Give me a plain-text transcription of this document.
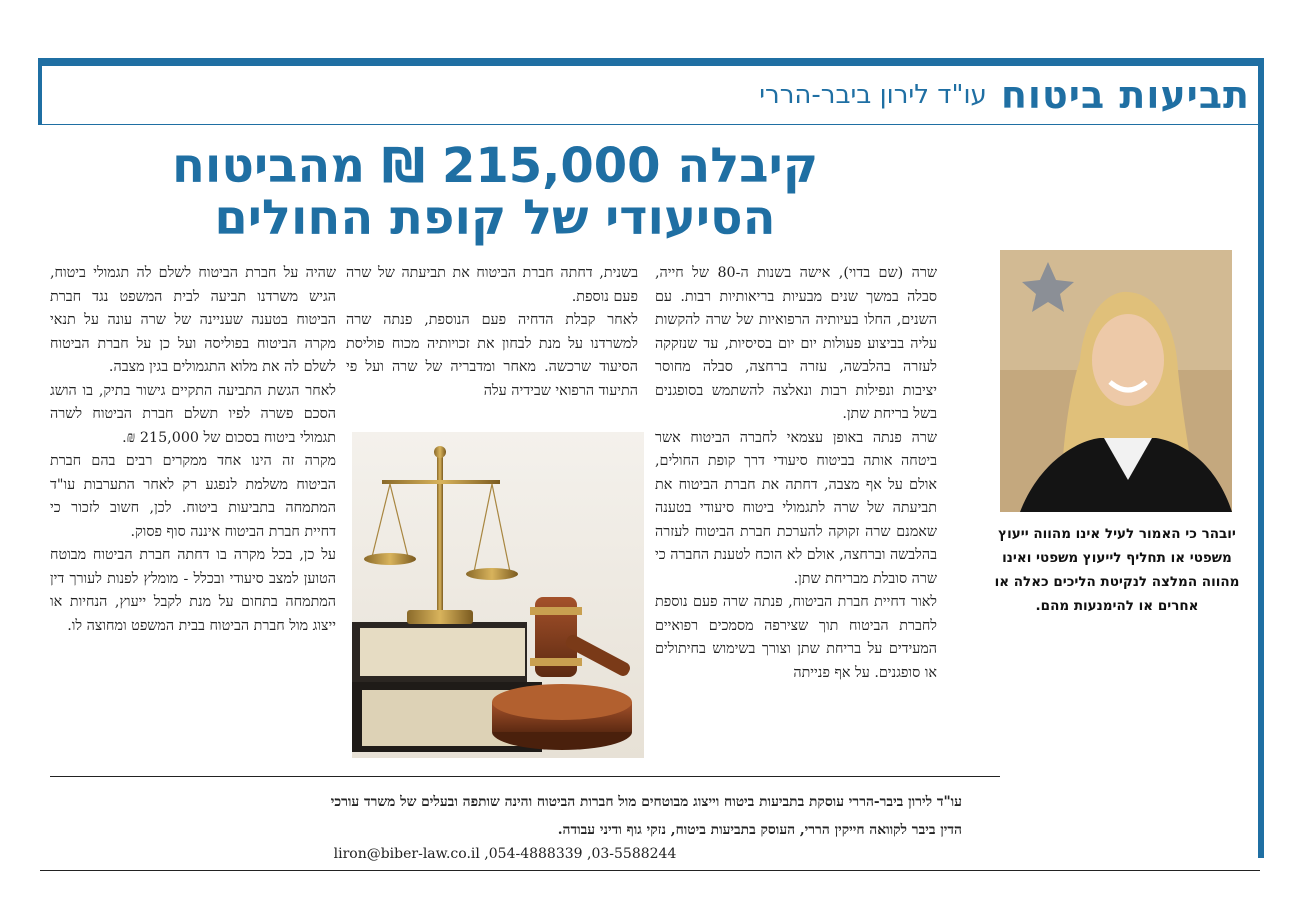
תביעות ביטוח
עו"ד לירון ביבר-הררי
קיבלה 215,000 ₪ מהביטוח
הסיעודי של קופת החולים

שרה (שם בדוי), אישה בשנות ה-80 של חייה, סבלה במשך שנים מבעיות בריאותיות רבות. עם השנים, החלו בעיותיה הרפואיות של שרה להקשות עליה בביצוע פעולות יום יום בסיסיות, עד שנזקקה לעזרה בהלבשה, עזרה ברחצה, סבלה מחוסר יציבות ונפילות רבות ונאלצה להשתמש בסופגנים בשל בריחת שתן.

שרה פנתה באופן עצמאי לחברה הביטוח אשר ביטחה אותה בביטוח סיעודי דרך קופת החולים, אולם על אף מצבה, דחתה את חברת הביטוח את תביעתה של שרה לתגמולי ביטוח סיעודי בטענה שאמנם שרה זקוקה להערכת חברת הביטוח לעזרה בהלבשה וברחצה, אולם לא הוכח לטענת החברה כי שרה סובלת מבריחת שתן.

לאור דחיית חברת הביטוח, פנתה שרה פעם נוספת לחברת הביטוח תוך שצירפה מסמכים רפואיים המעידים על בריחת שתן וצורך בשימוש בחיתולים או סופגנים. על אף פנייתה

בשנית, דחתה חברת הביטוח את תביעתה של שרה פעם נוספת.

לאחר קבלת הדחיה פעם הנוספת, פנתה שרה למשרדנו על מנת לבחון את זכויותיה מכוח פוליסת הסיעוד שרכשה. מאחר ומדבריה של שרה ועל פי התיעוד הרפואי שבידיה עלה

שהיה על חברת הביטוח לשלם לה תגמולי ביטוח, הגיש משרדנו תביעה לבית המשפט נגד חברת הביטוח בטענה שעניינה של שרה עונה על תנאי מקרה הביטוח בפוליסה ועל כן על חברת הביטוח לשלם לה את מלוא התגמולים בגין מצבה.

לאחר הגשת התביעה התקיים גישור בתיק, בו הושג הסכם פשרה לפיו תשלם חברת הביטוח לשרה תגמולי ביטוח בסכום של 215,000 ₪.

מקרה זה הינו אחד ממקרים רבים בהם חברת הביטוח משלמת לנפגע רק לאחר התערבות עו"ד המתמחה בתביעות ביטוח. לכן, חשוב לזכור כי דחיית חברת הביטוח איננה סוף פסוק.

על כן, בכל מקרה בו דחתה חברת הביטוח מבוטח הטוען למצב סיעודי ובכלל - מומלץ לפנות לעורך דין המתמחה בתחום על מנת לקבל ייעוץ, הנחיות או ייצוג מול חברת הביטוח בבית המשפט ומחוצה לו.

יובהר כי האמור לעיל אינו מהווה ייעוץ משפטי או תחליף לייעוץ משפטי ואינו מהווה המלצה לנקיטת הליכים כאלה או אחרים או להימנעות מהם.
עו"ד לירון ביבר-הררי עוסקת בתביעות ביטוח וייצוג מבוטחים מול חברות הביטוח והינה שותפה ובעלים של משרד עורכי
הדין ביבר לקוואה חייקין הררי, העוסק בתביעות ביטוח, נזקי גוף ודיני עבודה.
liron@biber-law.co.il ,054-4888339 ,03-5588244
